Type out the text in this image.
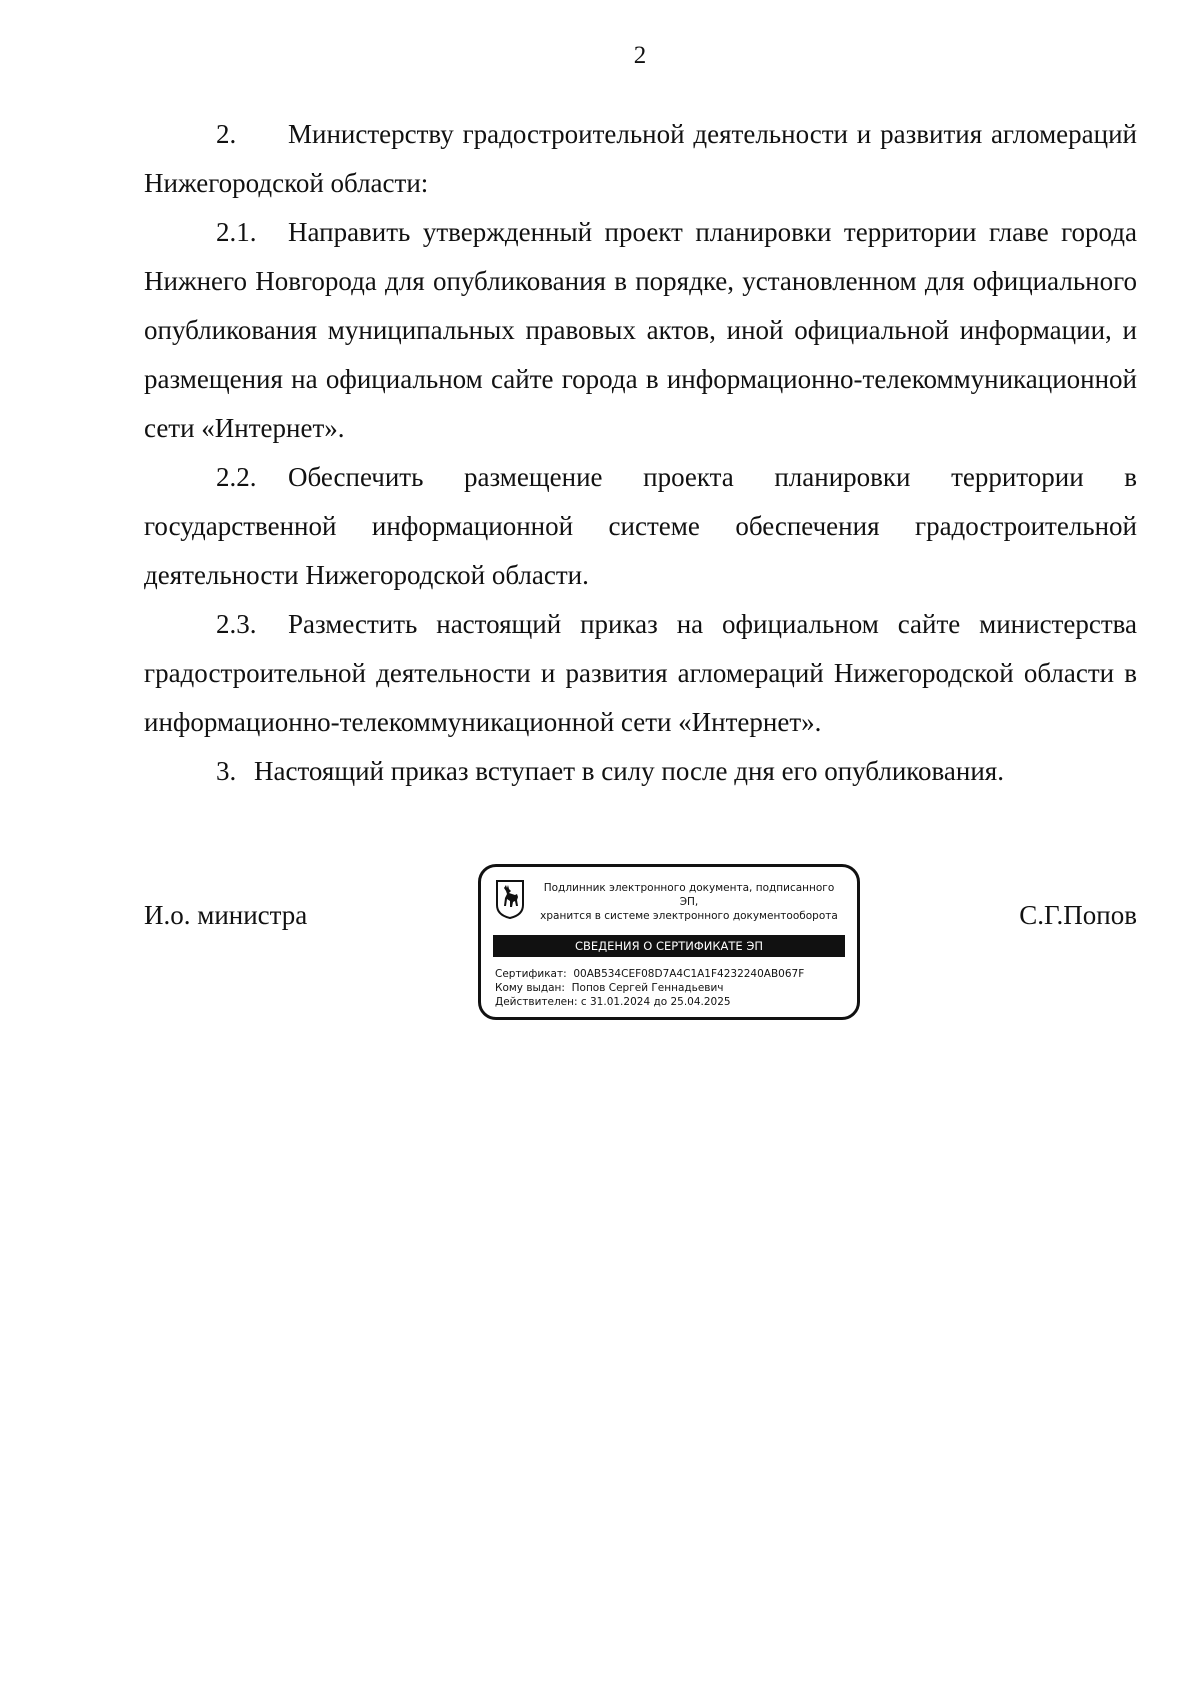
2

2. Министерству градостроительной деятельности и развития агломераций Нижегородской области:

2.1. Направить утвержденный проект планировки территории главе города Нижнего Новгорода для опубликования в порядке, установленном для официального опубликования муниципальных правовых актов, иной официальной информации, и размещения на официальном сайте города в информационно-телекоммуникационной сети «Интернет».

2.2. Обеспечить размещение проекта планировки территории в государственной информационной системе обеспечения градостроительной деятельности Нижегородской области.

2.3. Разместить настоящий приказ на официальном сайте министерства градостроительной деятельности и развития агломераций Нижегородской области в информационно-телекоммуникационной сети «Интернет».

3. Настоящий приказ вступает в силу после дня его опубликования.

И.о. министра
Подлинник электронного документа, подписанного ЭП,
хранится в системе электронного документооборота
СВЕДЕНИЯ О СЕРТИФИКАТЕ ЭП
Сертификат: 00AB534CEF08D7A4C1A1F4232240AB067F
Кому выдан: Попов Сергей Геннадьевич
Действителен: с 31.01.2024 до 25.04.2025
С.Г.Попов
